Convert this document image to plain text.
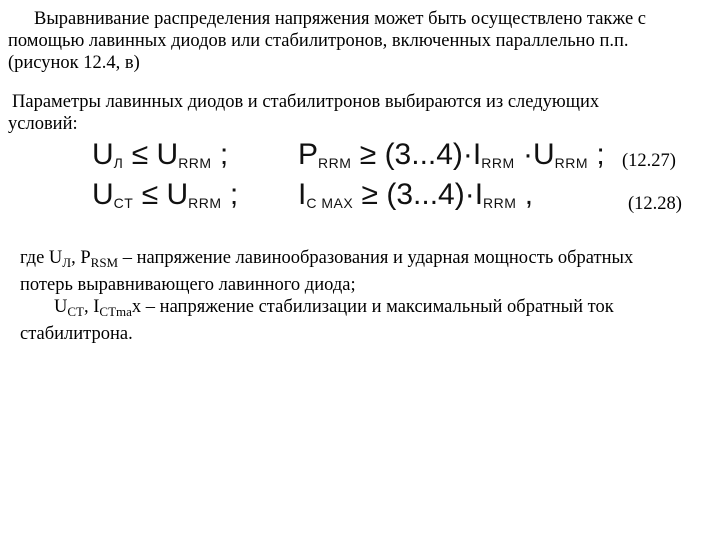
Выравнивание распределения напряжения может быть осуществлено также с
помощью лавинных диодов или стабилитронов, включенных параллельно п.п.
(рисунок 12.4, в)
Параметры лавинных диодов и стабилитронов выбираются из следующих
условий:
$U_Л \le U_{RRM}$ ; $P_{RRM} \ge (3...4)\cdot I_{RRM} \cdot U_{RRM}$ ; (12.27)
$U_{CT} \le U_{RRM}$ ; $I_{C MAX} \ge (3...4)\cdot I_{RRM}$ ,	(12.28)
где $U_Л$, $P_{RSM}$ – напряжение лавинообразования и ударная мощность обратных
потерь выравнивающего лавинного диода;
$U_{CT}$, $I_{CTma}x$ – напряжение стабилизации и максимальный обратный ток
стабилитрона.
